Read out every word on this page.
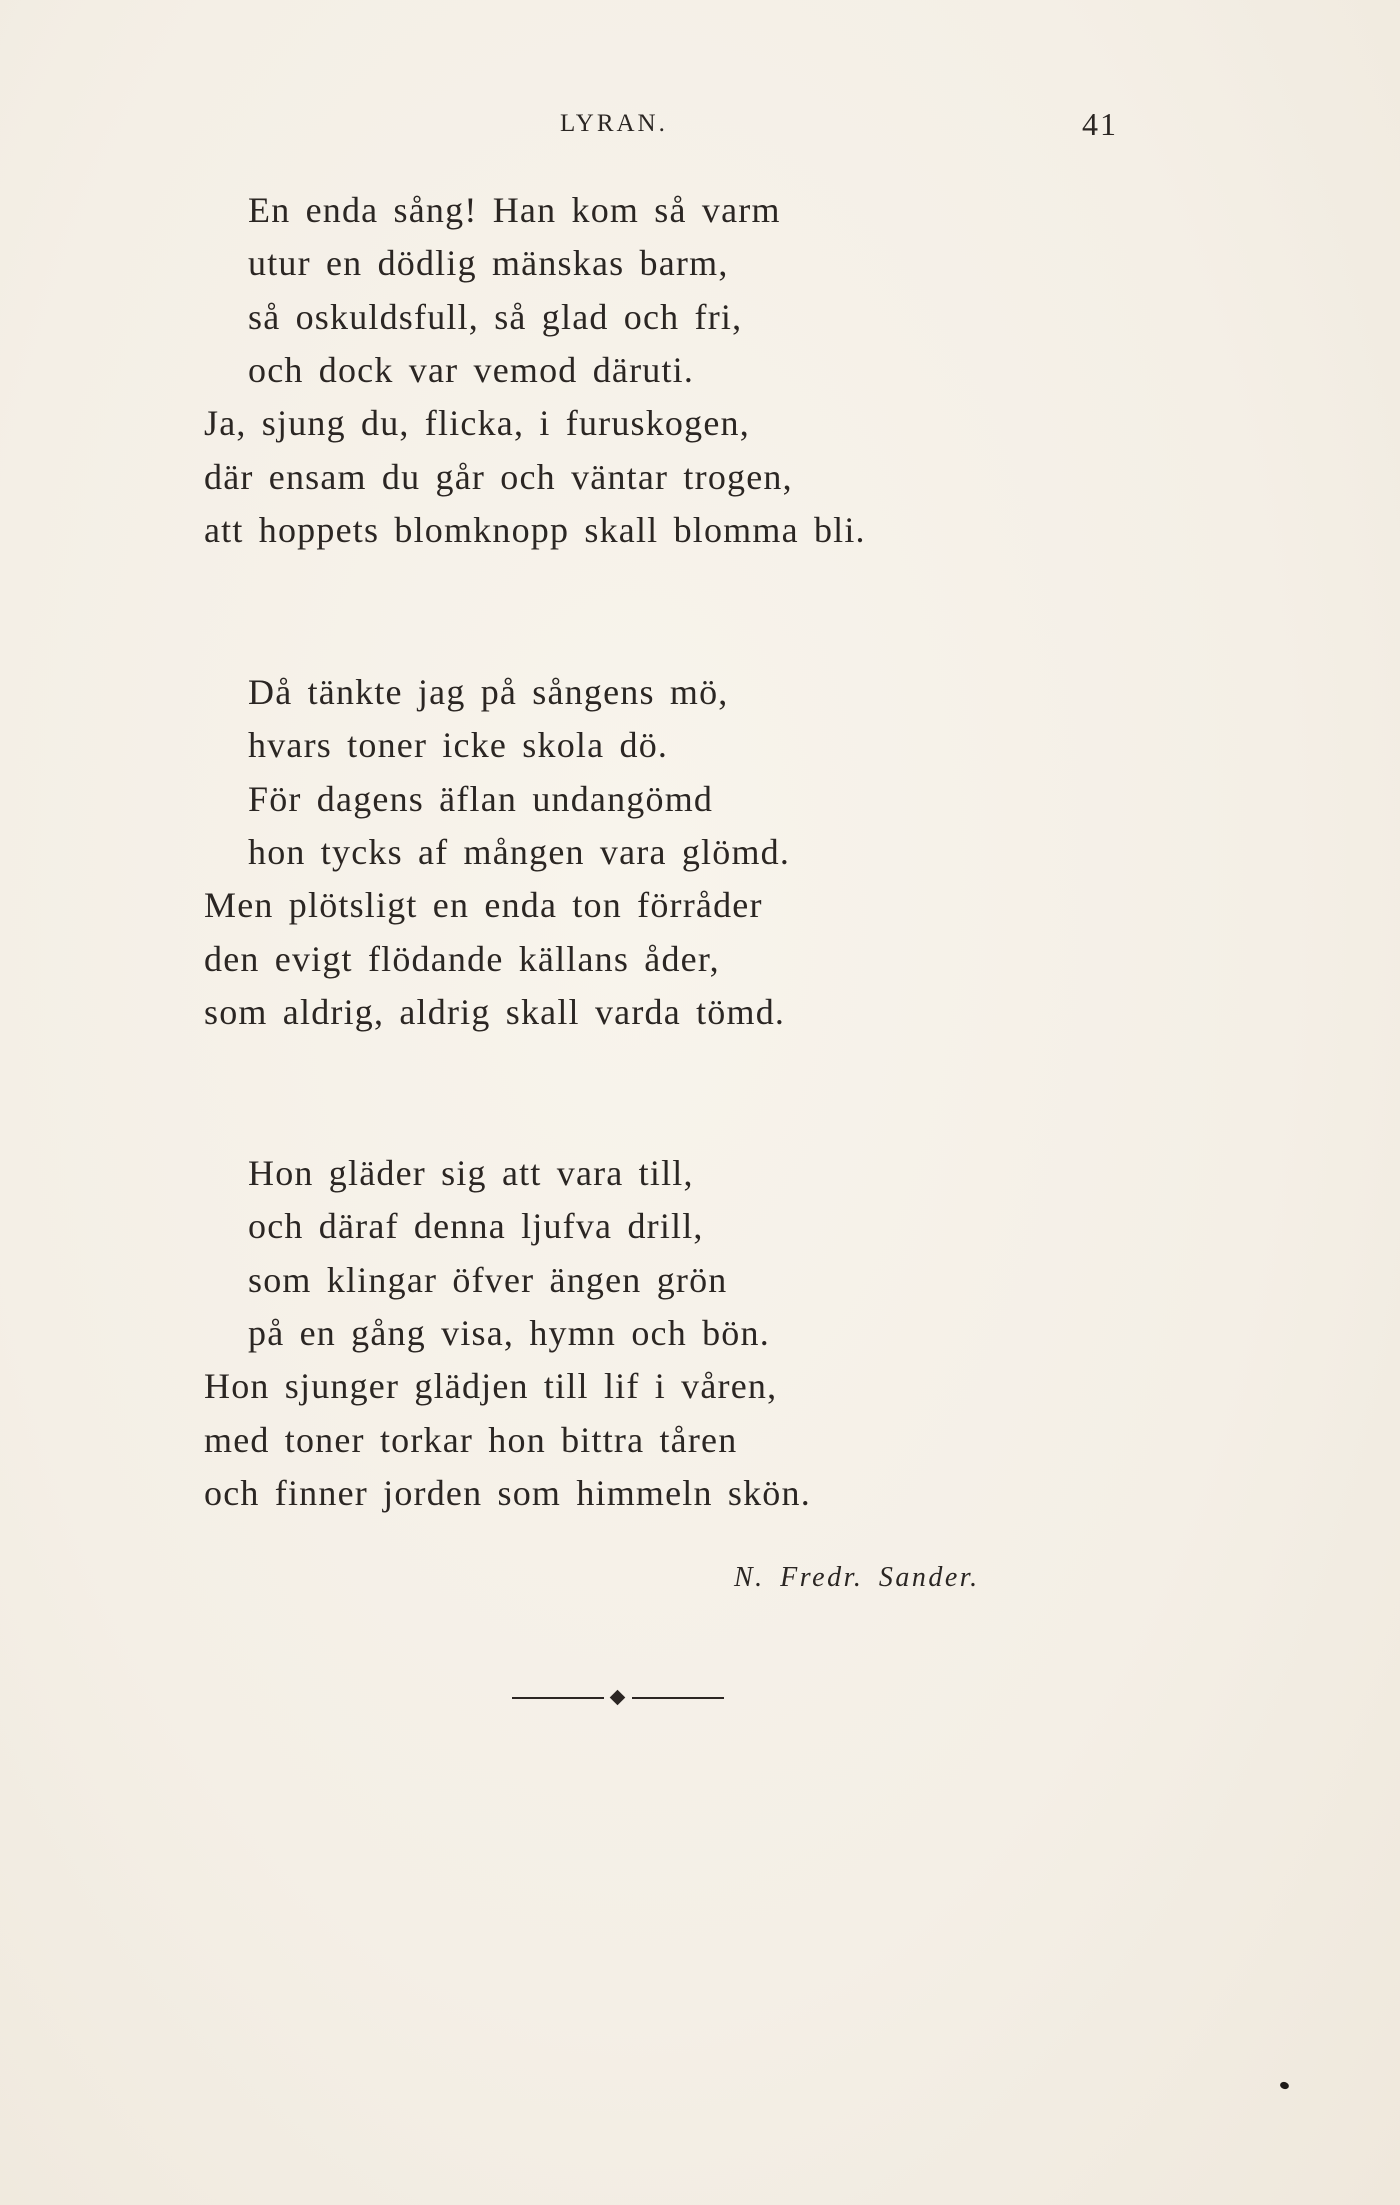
LYRAN.	41
En enda sång! Han kom så varm
utur en dödlig mänskas barm,
så oskuldsfull, så glad och fri,
och dock var vemod däruti.
Ja, sjung du, flicka, i furuskogen,
där ensam du går och väntar trogen,
att hoppets blomknopp skall blomma bli.
Då tänkte jag på sångens mö,
hvars toner icke skola dö.
För dagens äflan undangömd
hon tycks af mången vara glömd.
Men plötsligt en enda ton förråder
den evigt flödande källans åder,
som aldrig, aldrig skall varda tömd.
Hon gläder sig att vara till,
och däraf denna ljufva drill,
som klingar öfver ängen grön
på en gång visa, hymn och bön.
Hon sjunger glädjen till lif i våren,
med toner torkar hon bittra tåren
och finner jorden som himmeln skön.
N. Fredr. Sander.
